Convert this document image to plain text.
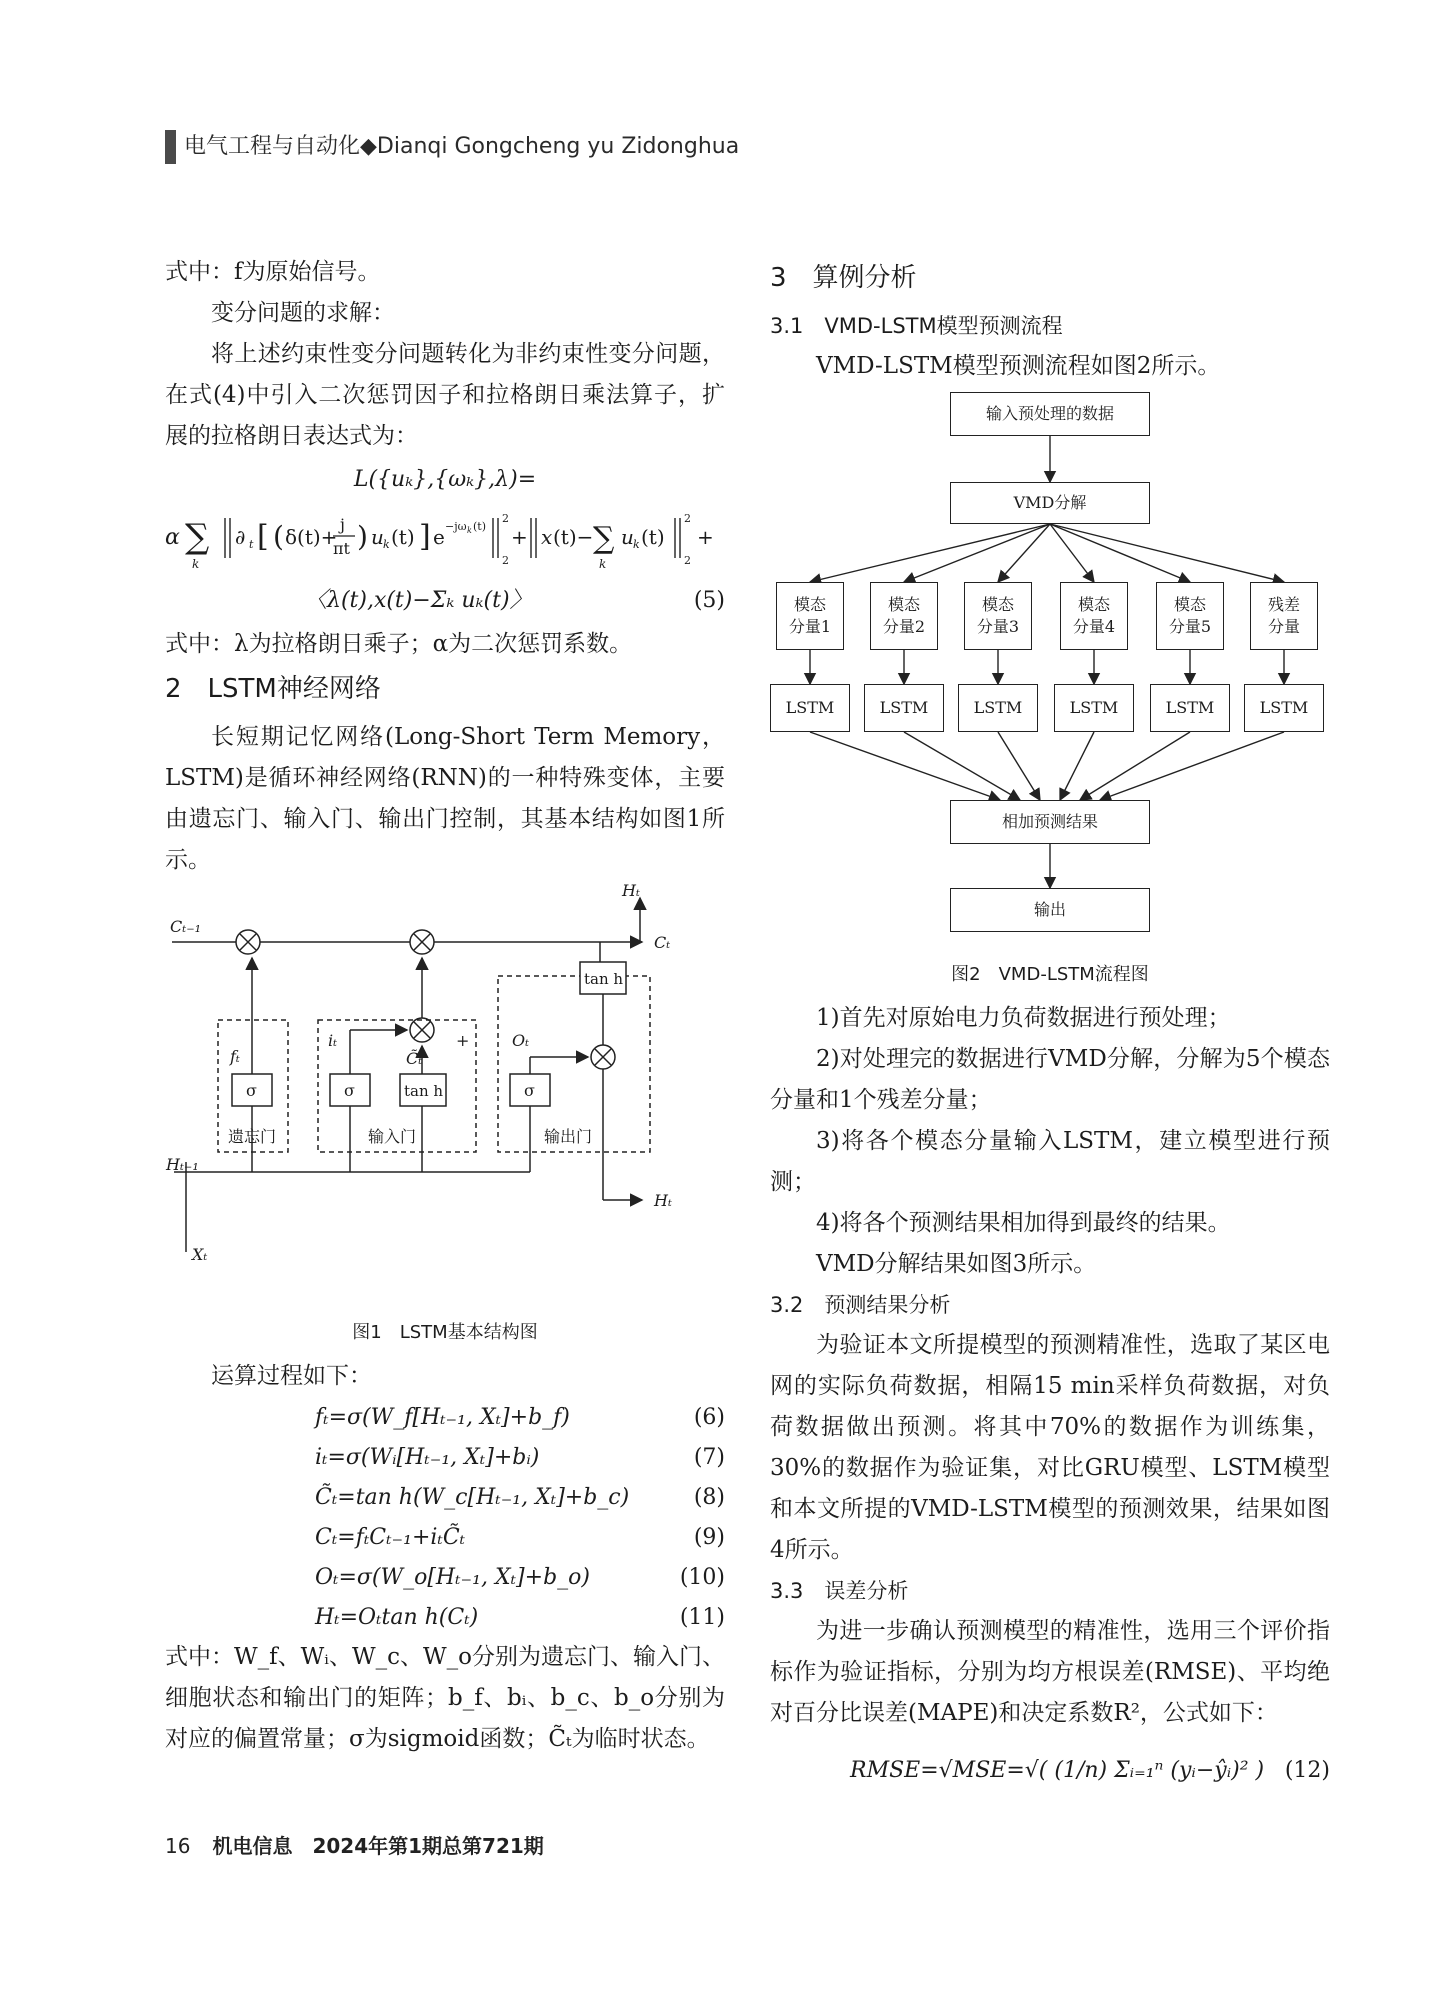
电气工程与自动化◆Dianqi Gongcheng yu Zidonghua

式中：f为原始信号。

变分问题的求解：

将上述约束性变分问题转化为非约束性变分问题，在式(4)中引入二次惩罚因子和拉格朗日乘法算子，扩展的拉格朗日表达式为：

L({uₖ},{ωₖ},λ)=
α ∑
k
∂ t [ ( δ(t)+
j
πt ) u k (t) ] e −jω k (t)
2
2
+ x (t)− ∑
k
u k (t)
2
2
+
〈λ(t),x(t)−Σₖ uₖ(t)〉	(5)

式中：λ为拉格朗日乘子；α为二次惩罚系数。

2　LSTM神经网络

长短期记忆网络(Long-Short Term Memory，LSTM)是循环神经网络(RNN)的一种特殊变体，主要由遗忘门、输入门、输出门控制，其基本结构如图1所示。

Cₜ₋₁
Cₜ
Hₜ
Hₜ₋₁
Hₜ
Xₜ
fₜ
iₜ
C̃ₜ
+	Oₜ
σ	σ	σ
tan h
tan h
遗忘门	输入门	输出门
图1　LSTM基本结构图

运算过程如下：

fₜ=σ(W_f[Hₜ₋₁, Xₜ]+b_f)	(6)
iₜ=σ(Wᵢ[Hₜ₋₁, Xₜ]+bᵢ)	(7)
C̃ₜ=tan h(W_c[Hₜ₋₁, Xₜ]+b_c)	(8)
Cₜ=fₜCₜ₋₁+iₜC̃ₜ	(9)
Oₜ=σ(W_o[Hₜ₋₁, Xₜ]+b_o)	(10)
Hₜ=Oₜtan h(Cₜ)	(11)

式中：W_f、Wᵢ、W_c、W_o分别为遗忘门、输入门、细胞状态和输出门的矩阵；b_f、bᵢ、b_c、b_o分别为对应的偏置常量；σ为sigmoid函数；C̃ₜ为临时状态。

3　算例分析

3.1　VMD-LSTM模型预测流程

VMD-LSTM模型预测流程如图2所示。

输入预处理的数据
VMD分解
模态
分量1
模态
分量2
模态
分量3
模态
分量4
模态
分量5
残差
分量
LSTM	LSTM	LSTM	LSTM	LSTM	LSTM
相加预测结果
输出
图2　VMD-LSTM流程图

1)首先对原始电力负荷数据进行预处理；

2)对处理完的数据进行VMD分解，分解为5个模态分量和1个残差分量；

3)将各个模态分量输入LSTM，建立模型进行预测；

4)将各个预测结果相加得到最终的结果。

VMD分解结果如图3所示。

3.2　预测结果分析

为验证本文所提模型的预测精准性，选取了某区电网的实际负荷数据，相隔15 min采样负荷数据，对负荷数据做出预测。将其中70%的数据作为训练集，30%的数据作为验证集，对比GRU模型、LSTM模型和本文所提的VMD-LSTM模型的预测效果，结果如图4所示。

3.3　误差分析

为进一步确认预测模型的精准性，选用三个评价指标作为验证指标，分别为均方根误差(RMSE)、平均绝对百分比误差(MAPE)和决定系数R²，公式如下：

RMSE=√MSE=√( (1/n) Σᵢ₌₁ⁿ (yᵢ−ŷᵢ)² ) (12)
16 机电信息　2024年第1期总第721期
